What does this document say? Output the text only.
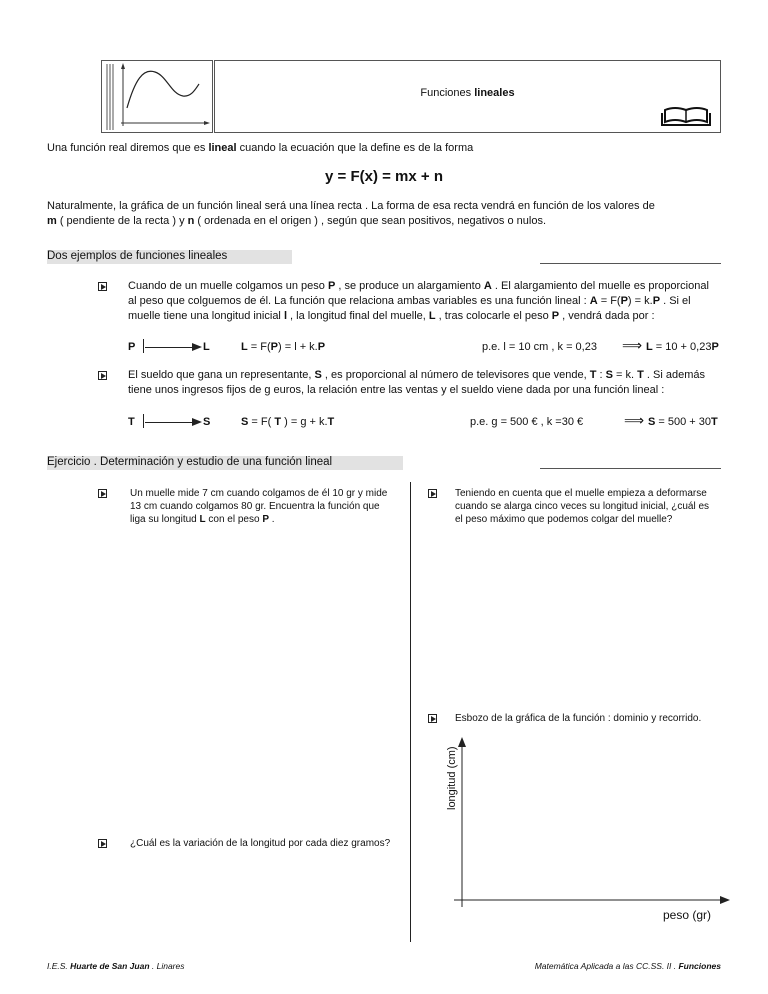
Funciones lineales
Una función real diremos que es lineal cuando la ecuación que la define es de la forma
y = F(x) = mx + n
Naturalmente, la gráfica de un función lineal será una línea recta . La forma de esa recta vendrá en función de los valores de
m ( pendiente de la recta ) y n ( ordenada en el origen ) , según que sean positivos, negativos o nulos.
Dos ejemplos de funciones lineales
Cuando de un muelle colgamos un peso P , se produce un alargamiento A . El alargamiento del muelle es proporcional
al peso que colguemos de él. La función que relaciona ambas variables es una función lineal : A = F(P) = k.P . Si el
muelle tiene una longitud inicial l , la longitud final del muelle, L , tras colocarle el peso P , vendrá dada por :
P	L	L = F(P) = l + k.P	p.e. l = 10 cm , k = 0,23 ⟹ L = 10 + 0,23P
El sueldo que gana un representante, S , es proporcional al número de televisores que vende, T : S = k. T . Si además
tiene unos ingresos fijos de g euros, la relación entre las ventas y el sueldo viene dada por una función lineal :
T	S	S = F( T ) = g + k.T	p.e. g = 500 € , k =30 €	⟹ S = 500 + 30T
Ejercicio . Determinación y estudio de una función lineal
Un muelle mide 7 cm cuando colgamos de él 10 gr y mide
13 cm cuando colgamos 80 gr. Encuentra la función que
liga su longitud L con el peso P .
Teniendo en cuenta que el muelle empieza a deformarse
cuando se alarga cinco veces su longitud inicial, ¿cuál es
el peso máximo que podemos colgar del muelle?
Esbozo de la gráfica de la función : dominio y recorrido.
¿Cuál es la variación de la longitud por cada diez gramos?
longitud (cm)
peso (gr)
I.E.S. Huarte de San Juan . Linares	Matemática Aplicada a las CC.SS. II . Funciones
